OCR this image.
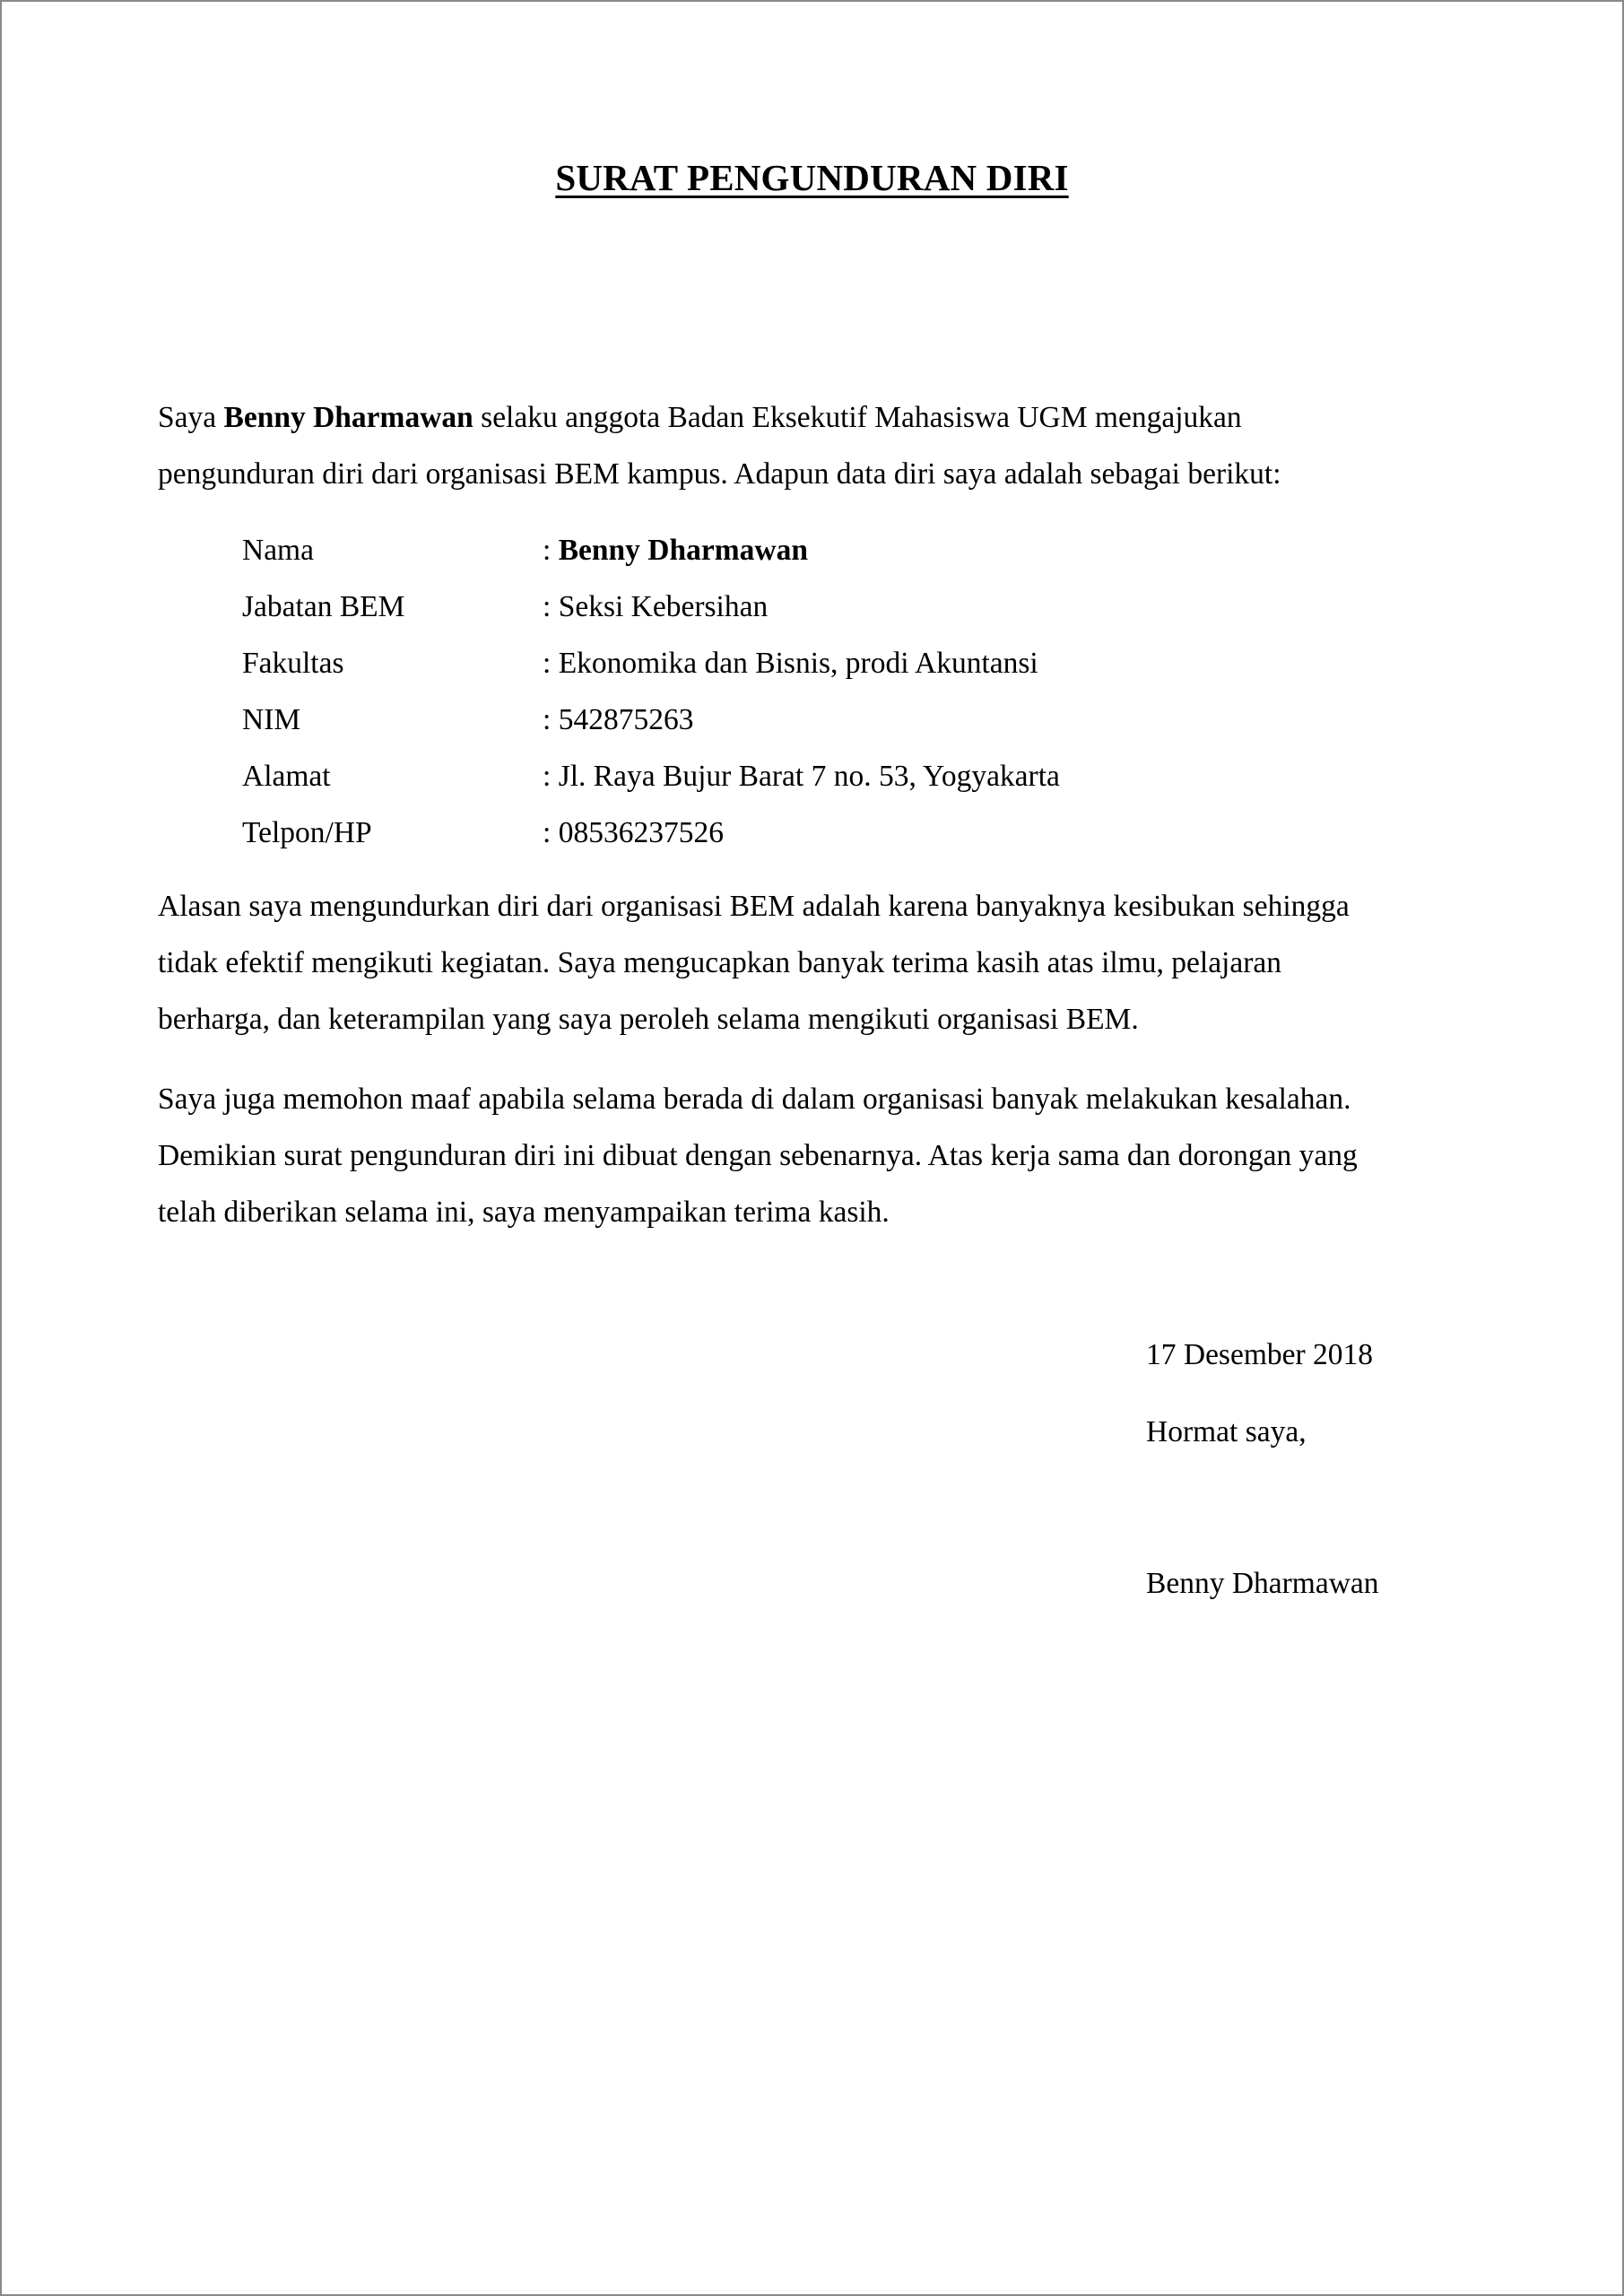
SURAT PENGUNDURAN DIRI
Saya Benny Dharmawan selaku anggota Badan Eksekutif Mahasiswa UGM mengajukan
pengunduran diri dari organisasi BEM kampus. Adapun data diri saya adalah sebagai berikut:
Nama	: Benny Dharmawan
Jabatan BEM	: Seksi Kebersihan
Fakultas	: Ekonomika dan Bisnis, prodi Akuntansi
NIM	: 542875263
Alamat	: Jl. Raya Bujur Barat 7 no. 53, Yogyakarta
Telpon/HP	: 08536237526
Alasan saya mengundurkan diri dari organisasi BEM adalah karena banyaknya kesibukan sehingga
tidak efektif mengikuti kegiatan. Saya mengucapkan banyak terima kasih atas ilmu, pelajaran
berharga, dan keterampilan yang saya peroleh selama mengikuti organisasi BEM.
Saya juga memohon maaf apabila selama berada di dalam organisasi banyak melakukan kesalahan.
Demikian surat pengunduran diri ini dibuat dengan sebenarnya. Atas kerja sama dan dorongan yang
telah diberikan selama ini, saya menyampaikan terima kasih.
17 Desember 2018
Hormat saya,
Benny Dharmawan
